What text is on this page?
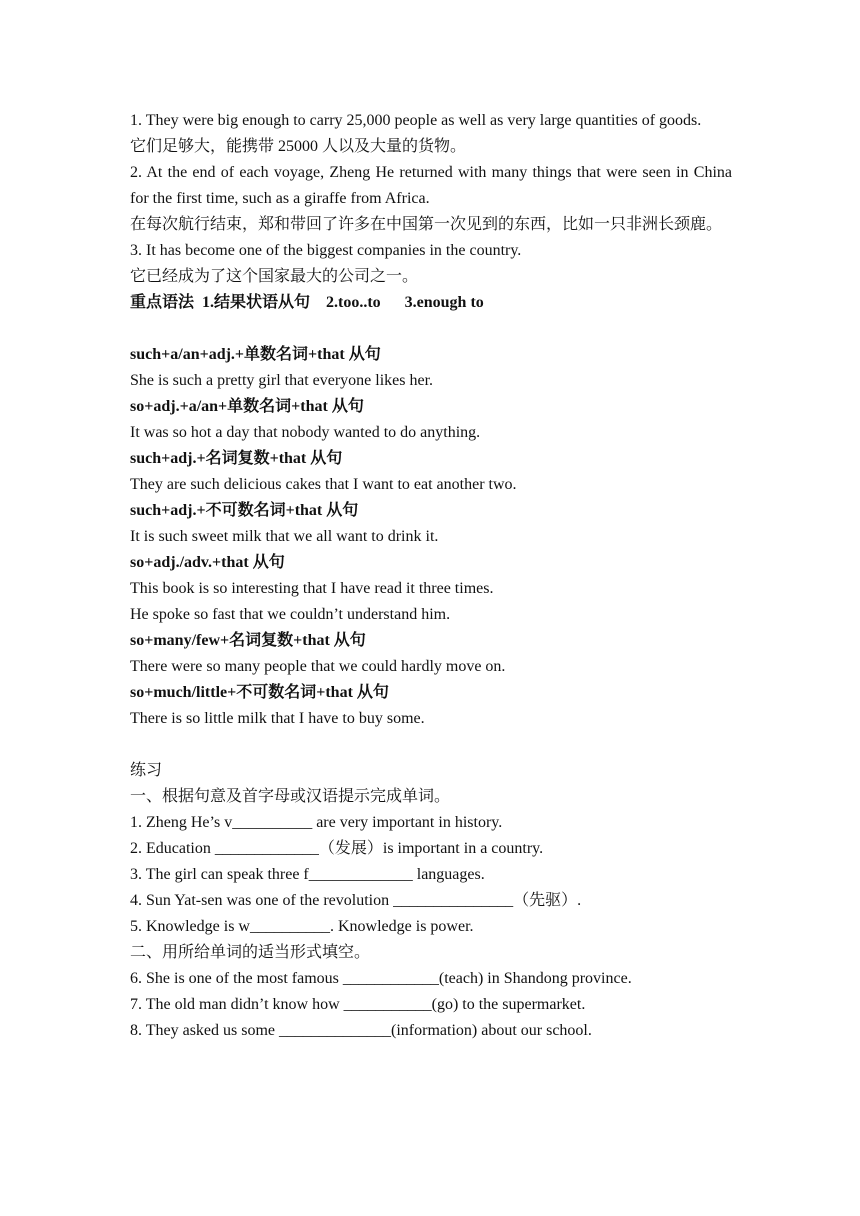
1. They were big enough to carry 25,000 people as well as very large quantities of goods.
它们足够大，能携带 25000 人以及大量的货物。
2. At the end of each voyage, Zheng He returned with many things that were seen in China for the first time, such as a giraffe from Africa.
在每次航行结束，郑和带回了许多在中国第一次见到的东西，比如一只非洲长颈鹿。
3. It has become one of the biggest companies in the country.
它已经成为了这个国家最大的公司之一。
重点语法  1.结果状语从句    2.too..to      3.enough to
such+a/an+adj.+单数名词+that 从句
She is such a pretty girl that everyone likes her.
so+adj.+a/an+单数名词+that 从句
It was so hot a day that nobody wanted to do anything.
such+adj.+名词复数+that 从句
They are such delicious cakes that I want to eat another two.
such+adj.+不可数名词+that 从句
It is such sweet milk that we all want to drink it.
so+adj./adv.+that 从句
This book is so interesting that I have read it three times.
He spoke so fast that we couldn’t understand him.
so+many/few+名词复数+that 从句
There were so many people that we could hardly move on.
so+much/little+不可数名词+that 从句
There is so little milk that I have to buy some.
练习
一、根据句意及首字母或汉语提示完成单词。
1. Zheng He’s v__________ are very important in history.
2. Education _____________（发展）is important in a country.
3. The girl can speak three f_____________ languages.
4. Sun Yat-sen was one of the revolution _______________（先驱）.
5. Knowledge is w__________. Knowledge is power.
二、用所给单词的适当形式填空。
6. She is one of the most famous ____________(teach) in Shandong province.
7. The old man didn’t know how ___________(go) to the supermarket.
8. They asked us some ______________(information) about our school.
